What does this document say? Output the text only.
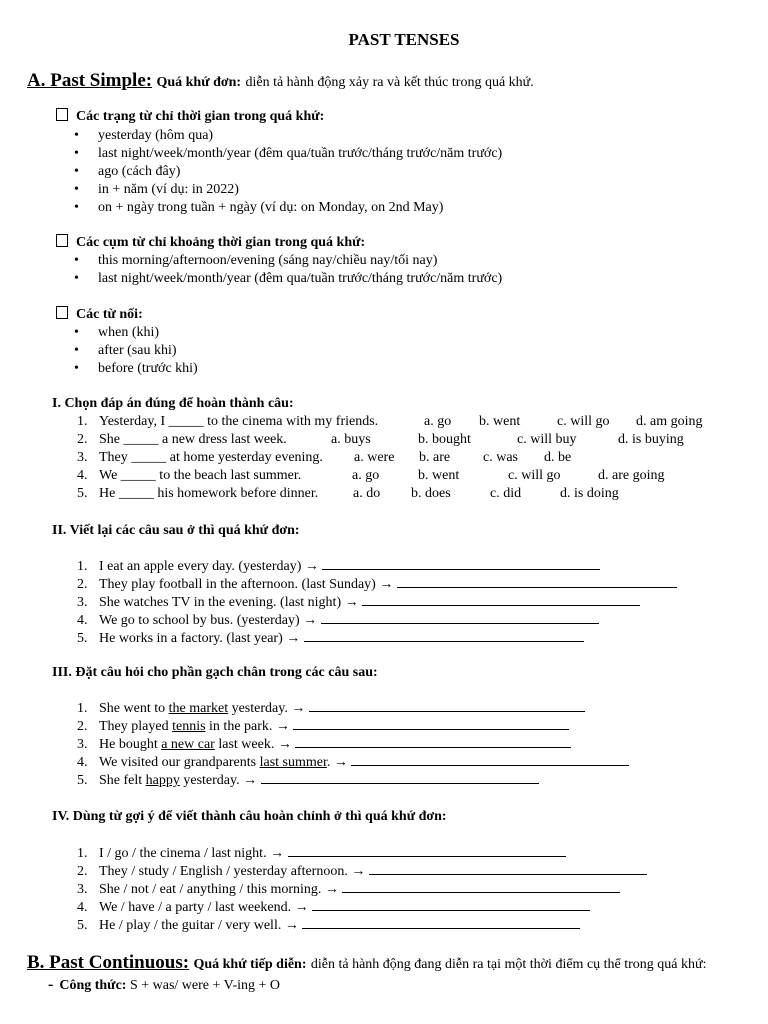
PAST TENSES
A. Past Simple: Quá khứ đơn: diễn tả hành động xảy ra và kết thúc trong quá khứ.
Các trạng từ chỉ thời gian trong quá khứ:
• yesterday (hôm qua)
• last night/week/month/year (đêm qua/tuần trước/tháng trước/năm trước)
• ago (cách đây)
• in + năm (ví dụ: in 2022)
• on + ngày trong tuần + ngày (ví dụ: on Monday, on 2nd May)
Các cụm từ chỉ khoảng thời gian trong quá khứ:
• this morning/afternoon/evening (sáng nay/chiều nay/tối nay)
• last night/week/month/year (đêm qua/tuần trước/tháng trước/năm trước)
Các từ nối:
• when (khi)
• after (sau khi)
• before (trước khi)
I. Chọn đáp án đúng để hoàn thành câu:
1. Yesterday, I _____ to the cinema with my friends.	a. go b. went	c. will go d. am going
2. She _____ a new dress last week.	a. buys	b. bought	c. will buy	d. is buying
3. They _____ at home yesterday evening. a. were b. are c. was d. be
4. We _____ to the beach last summer.	a. go	b. went	c. will go	d. are going
5. He _____ his homework before dinner. a. do b. does	c. did	d. is doing
II. Viết lại các câu sau ở thì quá khứ đơn:
1. I eat an apple every day. (yesterday) →
2. They play football in the afternoon. (last Sunday) →
3. She watches TV in the evening. (last night) →
4. We go to school by bus. (yesterday) →
5. He works in a factory. (last year) →
III. Đặt câu hỏi cho phần gạch chân trong các câu sau:
1. She went to the market yesterday. →
2. They played tennis in the park. →
3. He bought a new car last week. →
4. We visited our grandparents last summer. →
5. She felt happy yesterday. →
IV. Dùng từ gợi ý để viết thành câu hoàn chỉnh ở thì quá khứ đơn:
1. I / go / the cinema / last night. →
2. They / study / English / yesterday afternoon. →
3. She / not / eat / anything / this morning. →
4. We / have / a party / last weekend. →
5. He / play / the guitar / very well. →
B. Past Continuous: Quá khứ tiếp diễn: diễn tả hành động đang diễn ra tại một thời điểm cụ thể trong quá khứ:
- Công thức: S + was/ were + V-ing + O
